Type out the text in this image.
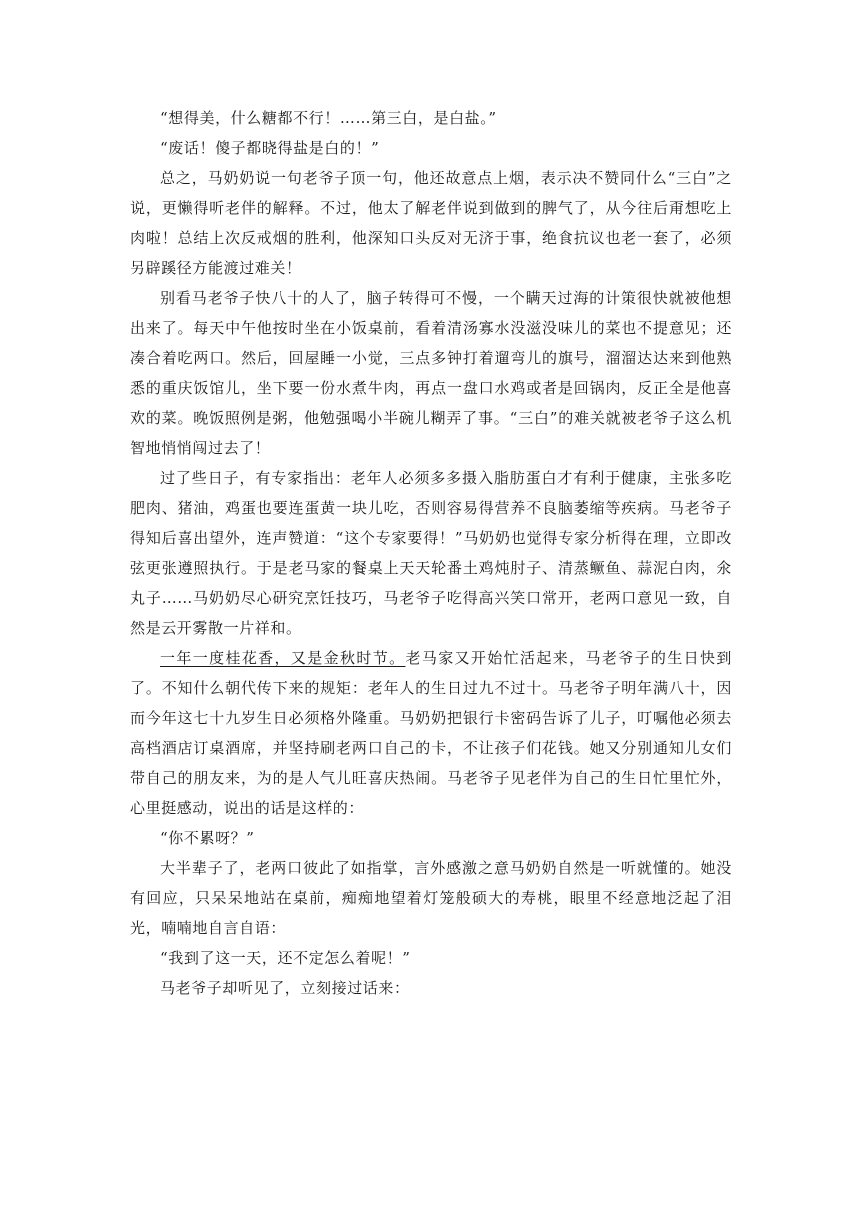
“想得美，什么糖都不行！……第三白，是白盐。”

“废话！傻子都晓得盐是白的！”

总之，马奶奶说一句老爷子顶一句，他还故意点上烟，表示决不赞同什么“三白”之说，更懒得听老伴的解释。不过，他太了解老伴说到做到的脾气了，从今往后甭想吃上肉啦！总结上次反戒烟的胜利，他深知口头反对无济于事，绝食抗议也老一套了，必须另辟蹊径方能渡过难关！

别看马老爷子快八十的人了，脑子转得可不慢，一个瞒天过海的计策很快就被他想出来了。每天中午他按时坐在小饭桌前，看着清汤寡水没滋没味儿的菜也不提意见；还凑合着吃两口。然后，回屋睡一小觉，三点多钟打着遛弯儿的旗号，溜溜达达来到他熟悉的重庆饭馆儿，坐下要一份水煮牛肉，再点一盘口水鸡或者是回锅肉，反正全是他喜欢的菜。晚饭照例是粥，他勉强喝小半碗儿糊弄了事。“三白”的难关就被老爷子这么机智地悄悄闯过去了！

过了些日子，有专家指出：老年人必须多多摄入脂肪蛋白才有利于健康，主张多吃肥肉、猪油，鸡蛋也要连蛋黄一块儿吃，否则容易得营养不良脑萎缩等疾病。马老爷子得知后喜出望外，连声赞道：“这个专家要得！”马奶奶也觉得专家分析得在理，立即改弦更张遵照执行。于是老马家的餐桌上天天轮番土鸡炖肘子、清蒸鳜鱼、蒜泥白肉，氽丸子……马奶奶尽心研究烹饪技巧，马老爷子吃得高兴笑口常开，老两口意见一致，自然是云开雾散一片祥和。

一年一度桂花香，又是金秋时节。老马家又开始忙活起来，马老爷子的生日快到了。不知什么朝代传下来的规矩：老年人的生日过九不过十。马老爷子明年满八十，因而今年这七十九岁生日必须格外隆重。马奶奶把银行卡密码告诉了儿子，叮嘱他必须去高档酒店订桌酒席，并坚持刷老两口自己的卡，不让孩子们花钱。她又分别通知儿女们带自己的朋友来，为的是人气儿旺喜庆热闹。马老爷子见老伴为自己的生日忙里忙外，心里挺感动，说出的话是这样的：

“你不累呀？”

大半辈子了，老两口彼此了如指掌，言外感激之意马奶奶自然是一听就懂的。她没有回应，只呆呆地站在桌前，痴痴地望着灯笼般硕大的寿桃，眼里不经意地泛起了泪光，喃喃地自言自语：

“我到了这一天，还不定怎么着呢！”

马老爷子却听见了，立刻接过话来：
